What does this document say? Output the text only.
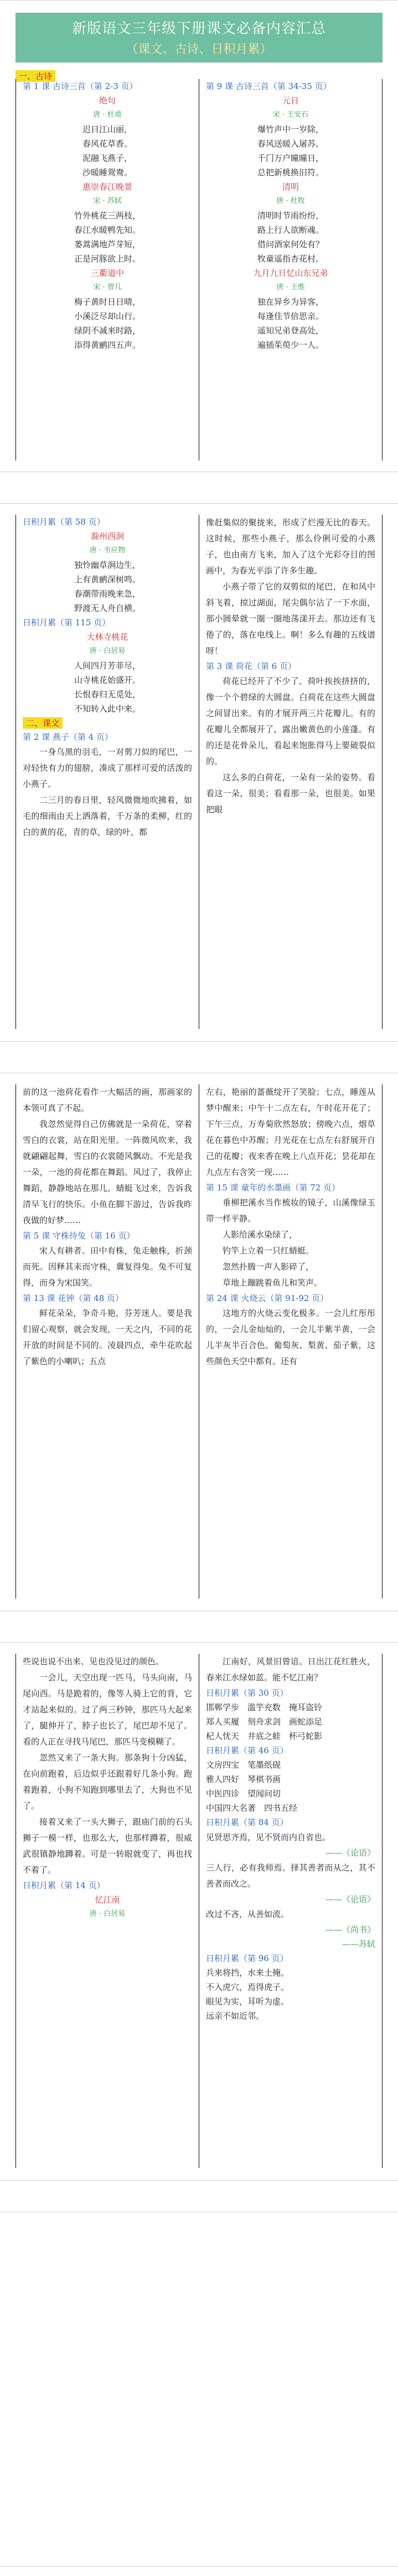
新版语文三年级下册课文必备内容汇总
（课文、古诗、日积月累）
一、古诗
第 1 课 古诗三首（第 2-3 页）
绝句
唐 · 杜甫
迟日江山丽，
春风花草香。
泥融飞燕子，
沙暖睡鸳鸯。
惠崇春江晚景
宋 · 苏轼
竹外桃花三两枝，
春江水暖鸭先知。
蒌蒿满地芦芽短，
正是河豚欲上时。
三衢道中
宋 · 曾几
梅子黄时日日晴，
小溪泛尽却山行。
绿阴不减来时路，
添得黄鹂四五声。
第 9 课 古诗三首（第 34-35 页）
元日
宋 · 王安石
爆竹声中一岁除，
春风送暖入屠苏。
千门万户曈曈日，
总把新桃换旧符。
清明
唐 · 杜牧
清明时节雨纷纷，
路上行人欲断魂。
借问酒家何处有？
牧童遥指杏花村。
九月九日忆山东兄弟
唐 · 王维
独在异乡为异客，
每逢佳节倍思亲。
遥知兄弟登高处，
遍插茱萸少一人。
日积月累（第 58 页）
滁州西涧
唐 · 韦应物
独怜幽草涧边生，
上有黄鹂深树鸣。
春潮带雨晚来急，
野渡无人舟自横。
日积月累（第 115 页）
大林寺桃花
唐 · 白居易
人间四月芳菲尽，
山寺桃花始盛开。
长恨春归无觅处，
不知转入此中来。
二、课文
第 2 课 燕子（第 4 页）
一身乌黑的羽毛，一对剪刀似的尾巴，一对轻快有力的翅膀，凑成了那样可爱的活泼的小燕子。
二三月的春日里，轻风微微地吹拂着，如毛的细雨由天上洒落着，千万条的柔柳，红的白的黄的花，青的草，绿的叶，都
像赶集似的聚拢来，形成了烂漫无比的春天。这时候，那些小燕子，那么伶俐可爱的小燕子，也由南方飞来，加入了这个光彩夺目的图画中，为春光平添了许多生趣。
小燕子带了它的双剪似的尾巴，在和风中斜飞着，掠过湖面，尾尖偶尔沾了一下水面，那小圆晕就一圈一圈地荡漾开去。那边还有飞倦了的，落在电线上。啊！多么有趣的五线谱呀！
第 3 课 荷花（第 6 页）
荷花已经开了不少了。荷叶挨挨挤挤的，像一个个碧绿的大圆盘。白荷花在这些大圆盘之间冒出来。有的才展开两三片花瓣儿。有的花瓣儿全都展开了，露出嫩黄色的小莲蓬。有的还是花骨朵儿，看起来饱胀得马上要破裂似的。
这么多的白荷花，一朵有一朵的姿势。看看这一朵，很美；看看那一朵，也很美。如果把眼
前的这一池荷花看作一大幅活的画，那画家的本领可真了不起。
我忽然觉得自己仿佛就是一朵荷花，穿着雪白的衣裳，站在阳光里。一阵微风吹来，我就翩翩起舞，雪白的衣裳随风飘动。不光是我一朵，一池的荷花都在舞蹈。风过了，我停止舞蹈，静静地站在那儿。蜻蜓飞过来，告诉我清早飞行的快乐。小鱼在脚下游过，告诉我昨夜做的好梦……
第 5 课 守株待兔（第 16 页）
宋人有耕者。田中有株，兔走触株，折颈而死。因释其耒而守株，冀复得兔。兔不可复得，而身为宋国笑。
第 13 课 花钟（第 48 页）
鲜花朵朵，争奇斗艳，芬芳迷人。要是我们留心观察，就会发现，一天之内，不同的花开放的时间是不同的。凌晨四点，牵牛花吹起了紫色的小喇叭；五点
左右，艳丽的蔷薇绽开了笑脸；七点，睡莲从梦中醒来；中午十二点左右，午时花开花了；下午三点，万寿菊欣然怒放；傍晚六点，烟草花在暮色中苏醒；月光花在七点左右舒展开自己的花瓣；夜来香在晚上八点开花；昙花却在九点左右含笑一现……
第 15 课 童年的水墨画（第 72 页）
垂柳把溪水当作梳妆的镜子，山溪像绿玉带一样平静。
人影给溪水染绿了，
钓竿上立着一只红蜻蜓。
忽然扑腾一声人影碎了，
草地上蹦跳着鱼儿和笑声。
第 24 课 火烧云（第 91-92 页）
这地方的火烧云变化极多。一会儿红彤彤的，一会儿金灿灿的，一会儿半紫半黄，一会儿半灰半百合色。葡萄灰、梨黄、茄子紫，这些颜色天空中都有。还有
些说也说不出来、见也没见过的颜色。
一会儿，天空出现一匹马，马头向南，马尾向西。马是跪着的，像等人骑上它的背，它才站起来似的。过了两三秒钟，那匹马大起来了，腿伸开了，脖子也长了，尾巴却不见了。看的人正在寻找马尾巴，那匹马变模糊了。
忽然又来了一条大狗。那条狗十分凶猛，在向前跑着，后边似乎还跟着好几条小狗。跑着跑着，小狗不知跑到哪里去了，大狗也不见了。
接着又来了一头大狮子，跟庙门前的石头狮子一模一样，也那么大，也那样蹲着，很威武很镇静地蹲着。可是一转眼就变了，再也找不着了。
日积月累（第 14 页）
忆江南
唐 · 白居易
江南好，风景旧曾谙。日出江花红胜火，春来江水绿如蓝。能不忆江南？
日积月累（第 30 页）
邯郸学步　滥竽充数　掩耳盗铃
郑人买履　刻舟求剑　画蛇添足
杞人忧天　井底之蛙　杯弓蛇影
日积月累（第 46 页）
文房四宝　笔墨纸砚
雅人四好　琴棋书画
中医四诊　望闻问切
中国四大名著　四书五经
日积月累（第 84 页）
见贤思齐焉，见不贤而内自省也。
——《论语》
三人行，必有我师焉。择其善者而从之，其不善者而改之。
——《论语》
改过不吝，从善如流。
——《尚书》
——苏轼
日积月累（第 96 页）
兵来将挡，水来土掩。
不入虎穴，焉得虎子。
眼见为实，耳听为虚。
远亲不如近邻。
